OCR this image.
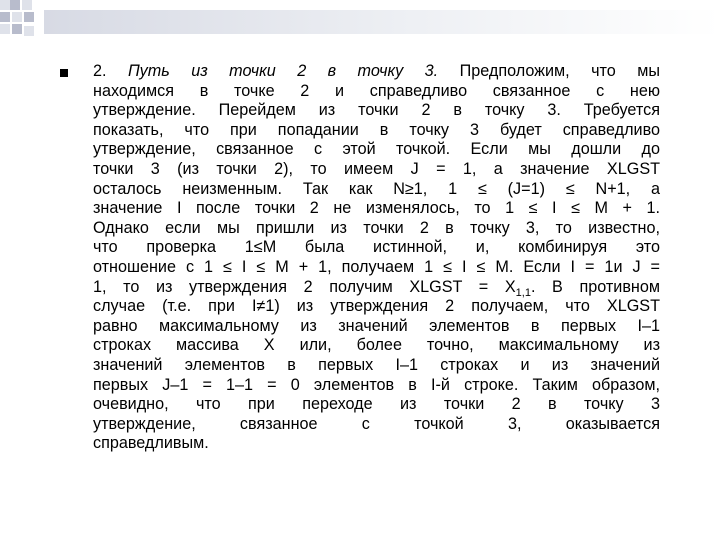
2. Путь из точки 2 в точку 3. Предположим, что мы
находимся в точке 2 и справедливо связанное с нею
утверждение. Перейдем из точки 2 в точку 3. Требуется
показать, что при попадании в точку 3 будет справедливо
утверждение, связанное с этой точкой. Если мы дошли до
точки 3 (из точки 2), то имеем J = 1, а значение XLGST
осталось неизменным. Так как N≥1, 1 ≤ (J=1) ≤ N+1, а
значение I после точки 2 не изменялось, то 1 ≤ I ≤ M + 1.
Однако если мы пришли из точки 2 в точку 3, то известно,
что проверка 1≤M была истинной, и, комбинируя это
отношение с 1 ≤ I ≤ M + 1, получаем 1 ≤ I ≤ M. Если I = 1и J =
1, то из утверждения 2 получим XLGST = $X_{1,1}$. В противном
случае (т.е. при I≠1) из утверждения 2 получаем, что XLGST
равно максимальному из значений элементов в первых I–1
строках массива X или, более точно, максимальному из
значений элементов в первых I–1 строках и из значений
первых J–1 = 1–1 = 0 элементов в I-й строке. Таким образом,
очевидно, что при переходе из точки 2 в точку 3
утверждение, связанное с точкой 3, оказывается
справедливым.
